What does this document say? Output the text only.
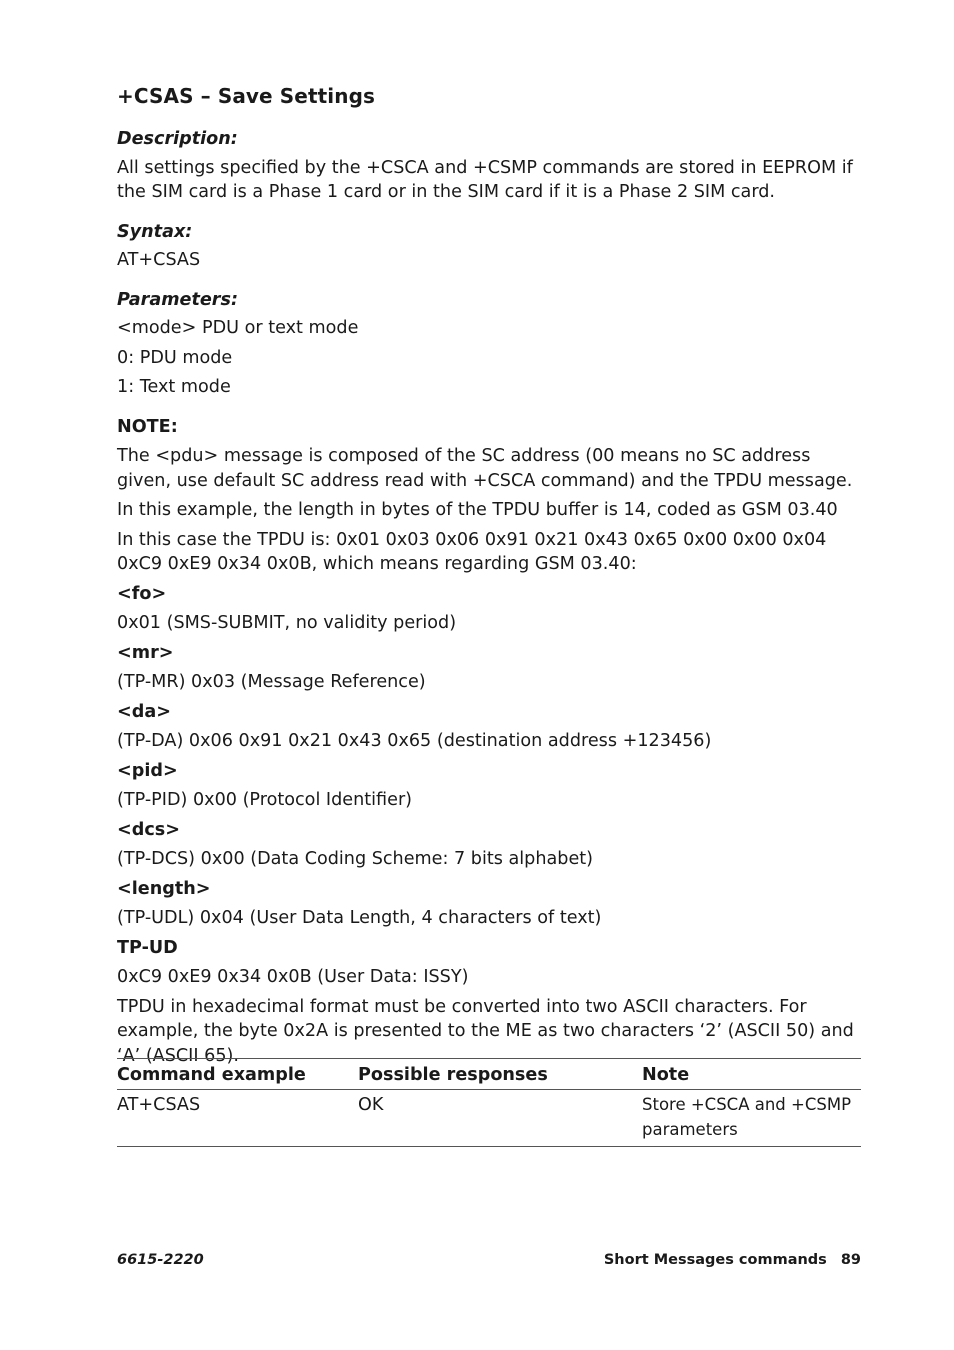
+CSAS – Save Settings
Description:
All settings specified by the +CSCA and +CSMP commands are stored in EEPROM if the SIM card is a Phase 1 card or in the SIM card if it is a Phase 2 SIM card.
Syntax:
AT+CSAS
Parameters:
<mode> PDU or text mode
0: PDU mode
1: Text mode
NOTE:
The <pdu> message is composed of the SC address (00 means no SC address given, use default SC address read with +CSCA command) and the TPDU message.
In this example, the length in bytes of the TPDU buffer is 14, coded as GSM 03.40
In this case the TPDU is: 0x01 0x03 0x06 0x91 0x21 0x43 0x65 0x00 0x00 0x04 0xC9 0xE9 0x34 0x0B, which means regarding GSM 03.40:
<fo>
0x01 (SMS-SUBMIT, no validity period)
<mr>
(TP-MR) 0x03 (Message Reference)
<da>
(TP-DA) 0x06 0x91 0x21 0x43 0x65 (destination address +123456)
<pid>
(TP-PID) 0x00 (Protocol Identifier)
<dcs>
(TP-DCS) 0x00 (Data Coding Scheme: 7 bits alphabet)
<length>
(TP-UDL) 0x04 (User Data Length, 4 characters of text)
TP-UD
0xC9 0xE9 0x34 0x0B (User Data: ISSY)
TPDU in hexadecimal format must be converted into two ASCII characters. For example, the byte 0x2A is presented to the ME as two characters ‘2’ (ASCII 50) and ‘A’ (ASCII 65).
Command example	Possible responses	Note
AT+CSAS	OK	Store +CSCA and +CSMP parameters
6615-2220	Short Messages commands 89
